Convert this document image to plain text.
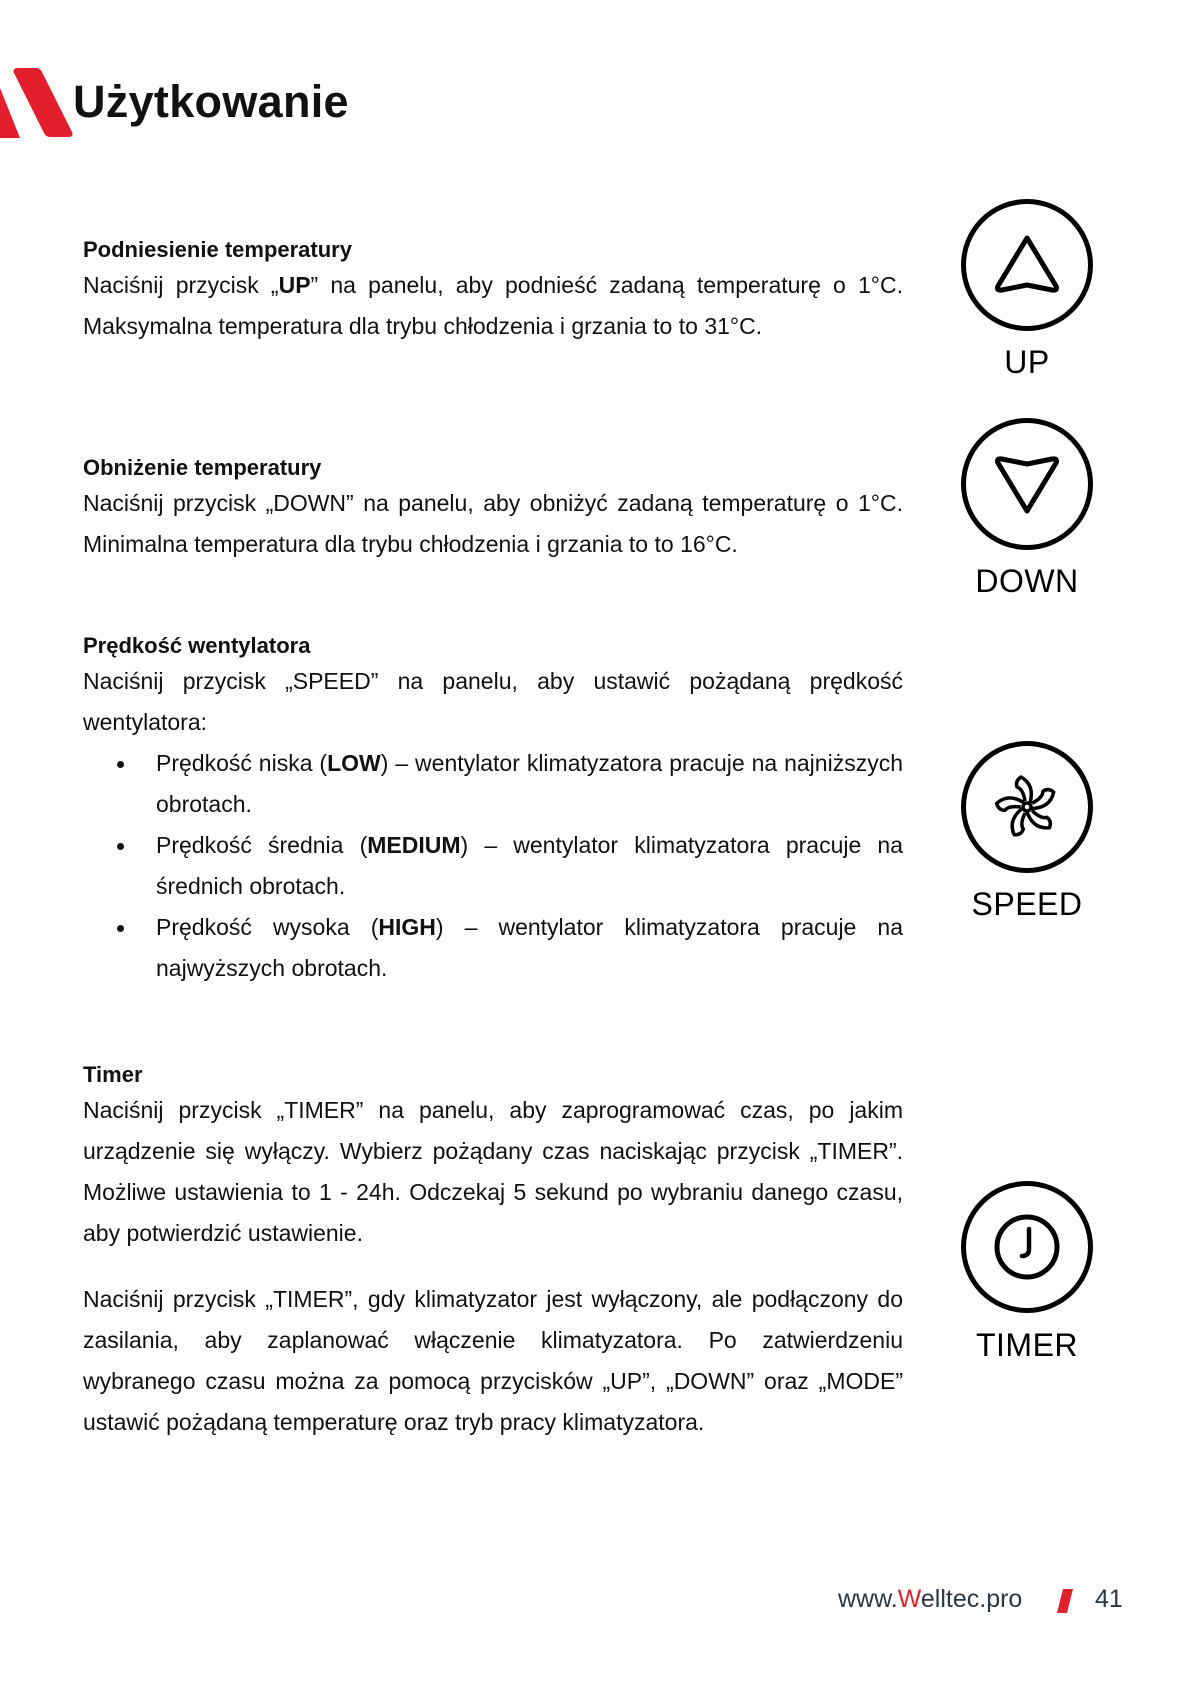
Użytkowanie
Podniesienie temperatury
Naciśnij przycisk „UP” na panelu, aby podnieść zadaną temperaturę o 1°C. Maksymalna temperatura dla trybu chłodzenia i grzania to to 31°C.
Obniżenie temperatury
Naciśnij przycisk „DOWN” na panelu, aby obniżyć zadaną temperaturę o 1°C. Minimalna temperatura dla trybu chłodzenia i grzania to to 16°C.
Prędkość wentylatora
Naciśnij przycisk „SPEED” na panelu, aby ustawić pożądaną prędkość wentylatora:
Prędkość niska (LOW) – wentylator klimatyzatora pracuje na najniższych obrotach.
Prędkość średnia (MEDIUM) – wentylator klimatyzatora pracuje na średnich obrotach.
Prędkość wysoka (HIGH) – wentylator klimatyzatora pracuje na najwyższych obrotach.
Timer
Naciśnij przycisk „TIMER” na panelu, aby zaprogramować czas, po jakim urządzenie się wyłączy. Wybierz pożądany czas naciskając przycisk „TIMER”. Możliwe ustawienia to 1 - 24h. Odczekaj 5 sekund po wybraniu danego czasu, aby potwierdzić ustawienie.
Naciśnij przycisk „TIMER”, gdy klimatyzator jest wyłączony, ale podłączony do zasilania, aby zaplanować włączenie klimatyzatora. Po zatwierdzeniu wybranego czasu można za pomocą przycisków „UP”, „DOWN” oraz „MODE” ustawić pożądaną temperaturę oraz tryb pracy klimatyzatora.
UP
DOWN
SPEED
TIMER
www.Welltec.pro	41
